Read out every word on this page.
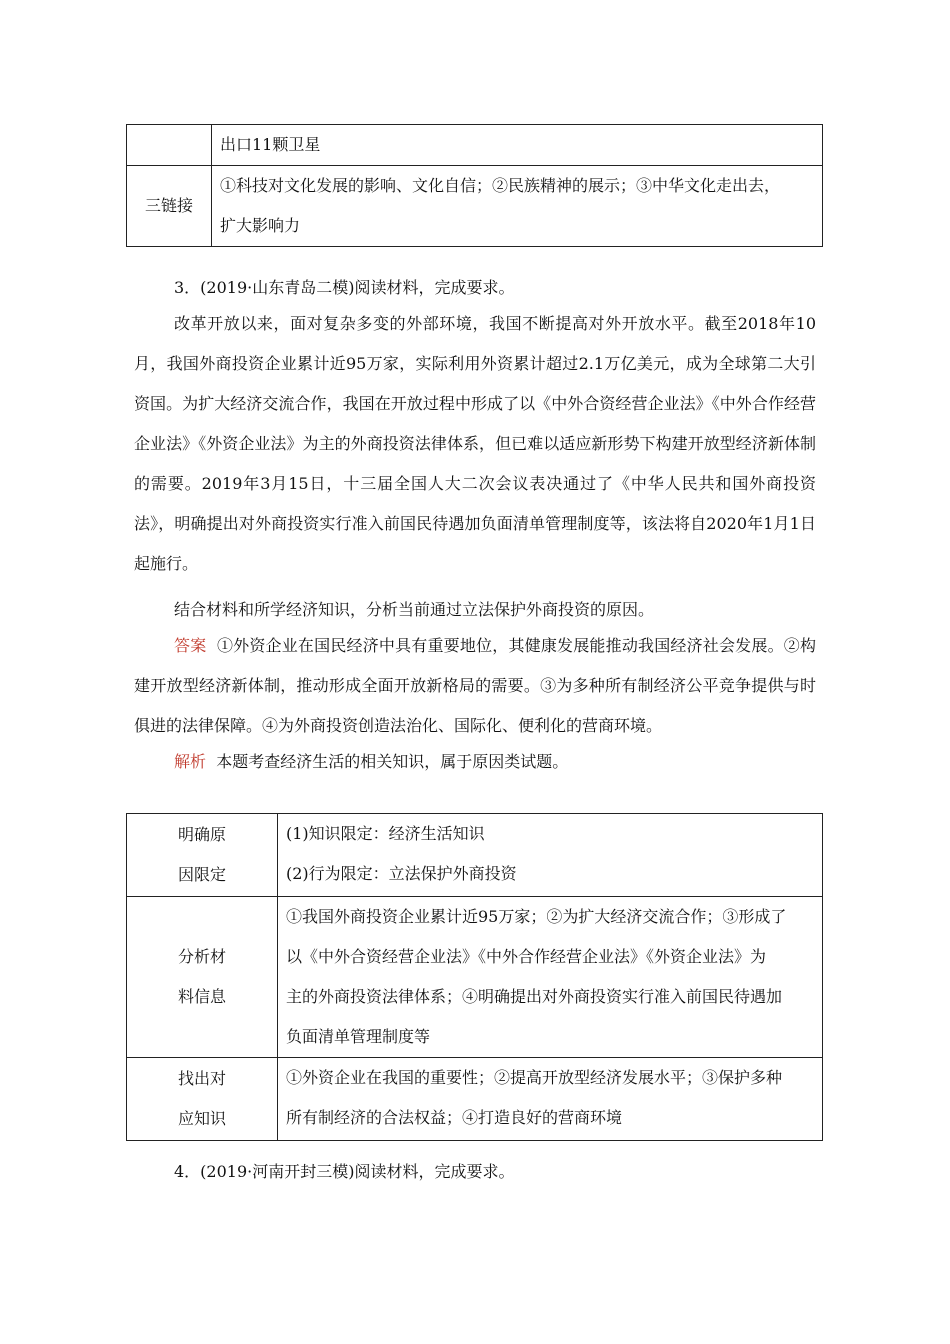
	出口11颗卫星

三链接	①科技对文化发展的影响、文化自信；②民族精神的展示；③中华文化走出去，
扩大影响力
3．(2019·山东青岛二模)阅读材料，完成要求。
改革开放以来，面对复杂多变的外部环境，我国不断提高对外开放水平。截至2018年10月，我国外商投资企业累计近95万家，实际利用外资累计超过2.1万亿美元，成为全球第二大引资国。为扩大经济交流合作，我国在开放过程中形成了以《中外合资经营企业法》《中外合作经营企业法》《外资企业法》为主的外商投资法律体系，但已难以适应新形势下构建开放型经济新体制的需要。2019年3月15日，十三届全国人大二次会议表决通过了《中华人民共和国外商投资法》，明确提出对外商投资实行准入前国民待遇加负面清单管理制度等，该法将自2020年1月1日起施行。
结合材料和所学经济知识，分析当前通过立法保护外商投资的原因。
答案 ①外资企业在国民经济中具有重要地位，其健康发展能推动我国经济社会发展。②构建开放型经济新体制，推动形成全面开放新格局的需要。③为多种所有制经济公平竞争提供与时俱进的法律保障。④为外商投资创造法治化、国际化、便利化的营商环境。
解析 本题考查经济生活的相关知识，属于原因类试题。
明确原
因限定	(1)知识限定：经济生活知识
(2)行为限定：立法保护外商投资

分析材
料信息	①我国外商投资企业累计近95万家；②为扩大经济交流合作；③形成了
以《中外合资经营企业法》《中外合作经营企业法》《外资企业法》为
主的外商投资法律体系；④明确提出对外商投资实行准入前国民待遇加
负面清单管理制度等

找出对
应知识	①外资企业在我国的重要性；②提高开放型经济发展水平；③保护多种
所有制经济的合法权益；④打造良好的营商环境
4．(2019·河南开封三模)阅读材料，完成要求。
